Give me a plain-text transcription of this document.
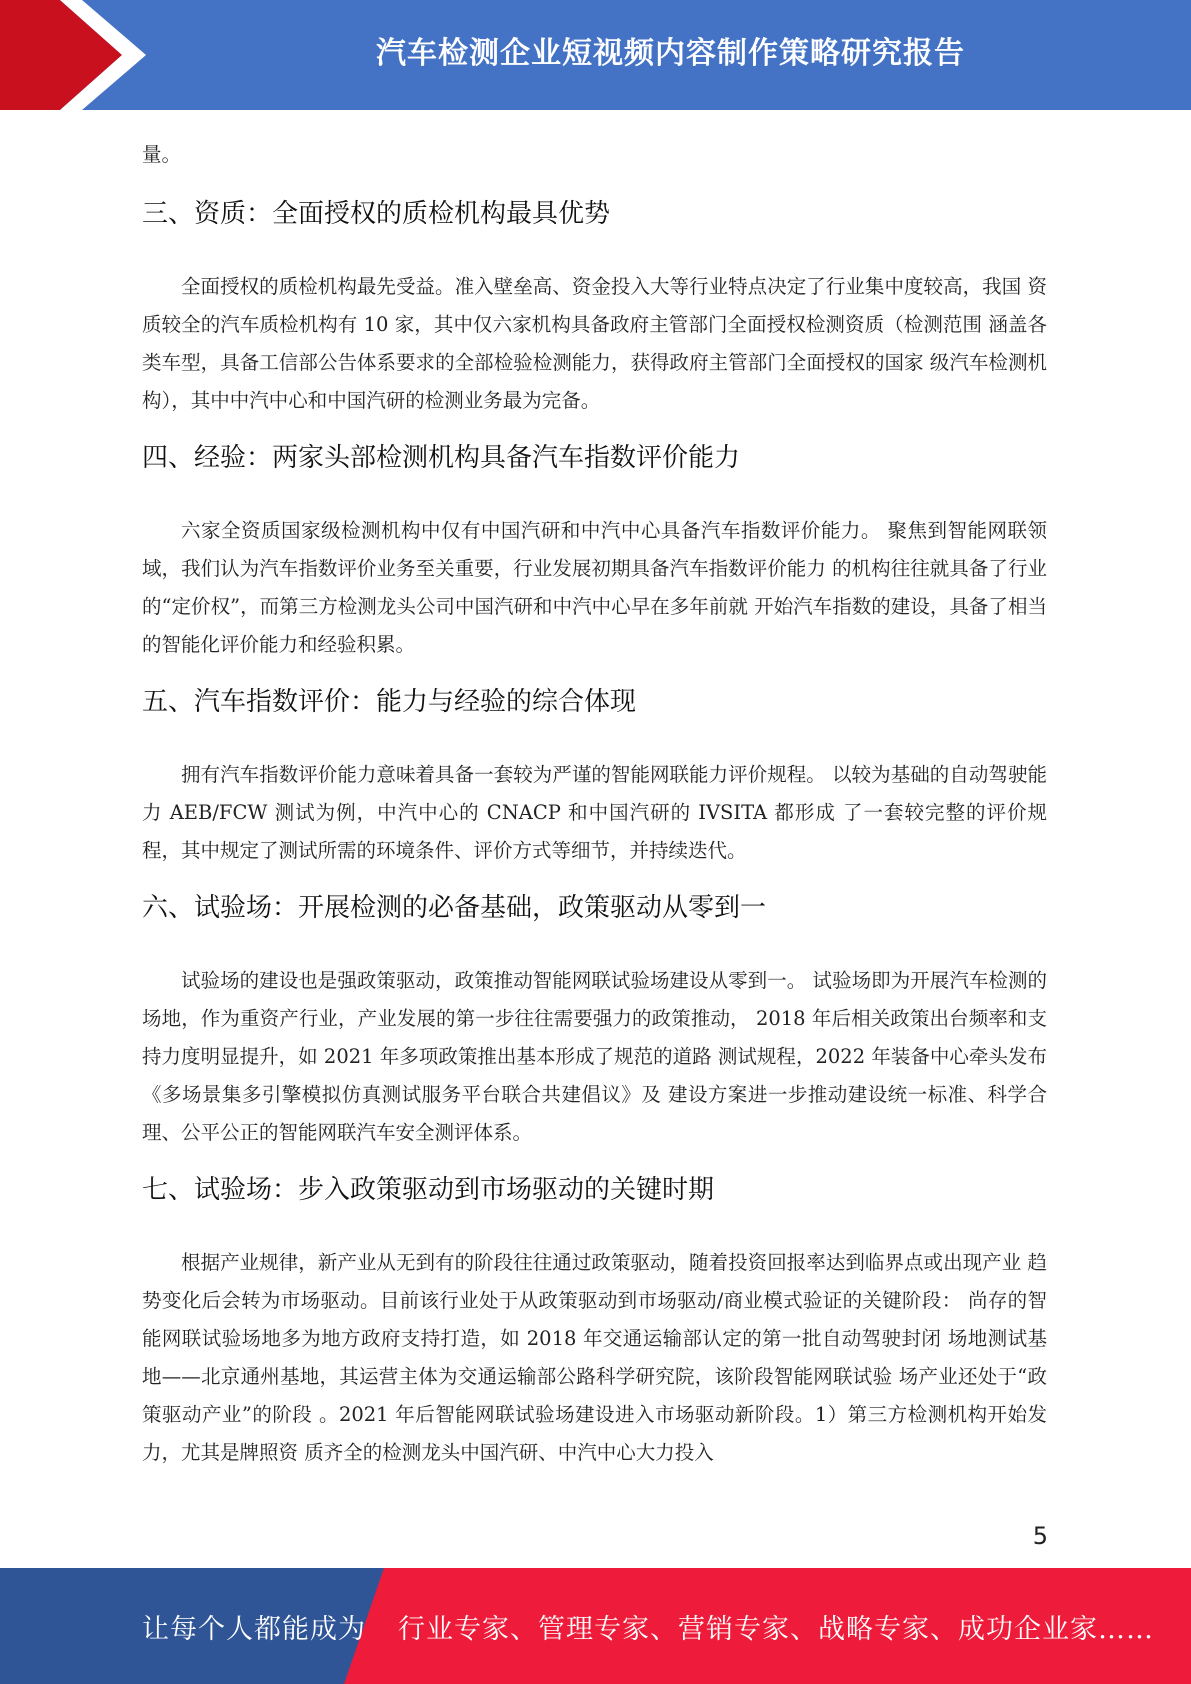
汽车检测企业短视频内容制作策略研究报告

量。

三、资质：全面授权的质检机构最具优势

全面授权的质检机构最先受益。准入壁垒高、资金投入大等行业特点决定了行业集中度较高，我国 资质较全的汽车质检机构有 10 家，其中仅六家机构具备政府主管部门全面授权检测资质（检测范围 涵盖各类车型，具备工信部公告体系要求的全部检验检测能力，获得政府主管部门全面授权的国家 级汽车检测机构），其中中汽中心和中国汽研的检测业务最为完备。

四、经验：两家头部检测机构具备汽车指数评价能力

六家全资质国家级检测机构中仅有中国汽研和中汽中心具备汽车指数评价能力。 聚焦到智能网联领域，我们认为汽车指数评价业务至关重要，行业发展初期具备汽车指数评价能力 的机构往往就具备了行业的“定价权”，而第三方检测龙头公司中国汽研和中汽中心早在多年前就 开始汽车指数的建设，具备了相当的智能化评价能力和经验积累。

五、汽车指数评价：能力与经验的综合体现

拥有汽车指数评价能力意味着具备一套较为严谨的智能网联能力评价规程。 以较为基础的自动驾驶能力 AEB/FCW 测试为例，中汽中心的 CNACP 和中国汽研的 IVSITA 都形成 了一套较完整的评价规程，其中规定了测试所需的环境条件、评价方式等细节，并持续迭代。

六、试验场：开展检测的必备基础，政策驱动从零到一

试验场的建设也是强政策驱动，政策推动智能网联试验场建设从零到一。 试验场即为开展汽车检测的场地，作为重资产行业，产业发展的第一步往往需要强力的政策推动， 2018 年后相关政策出台频率和支持力度明显提升，如 2021 年多项政策推出基本形成了规范的道路 测试规程，2022 年装备中心牵头发布《多场景集多引擎模拟仿真测试服务平台联合共建倡议》及 建设方案进一步推动建设统一标准、科学合理、公平公正的智能网联汽车安全测评体系。

七、试验场：步入政策驱动到市场驱动的关键时期

根据产业规律，新产业从无到有的阶段往往通过政策驱动，随着投资回报率达到临界点或出现产业 趋势变化后会转为市场驱动。目前该行业处于从政策驱动到市场驱动/商业模式验证的关键阶段： 尚存的智能网联试验场地多为地方政府支持打造，如 2018 年交通运输部认定的第一批自动驾驶封闭 场地测试基地——北京通州基地，其运营主体为交通运输部公路科学研究院，该阶段智能网联试验 场产业还处于“政策驱动产业”的阶段 。2021 年后智能网联试验场建设进入市场驱动新阶段。1）第三方检测机构开始发力，尤其是牌照资 质齐全的检测龙头中国汽研、中汽中心大力投入

5
让每个人都能成为 行业专家、管理专家、营销专家、战略专家、成功企业家……
